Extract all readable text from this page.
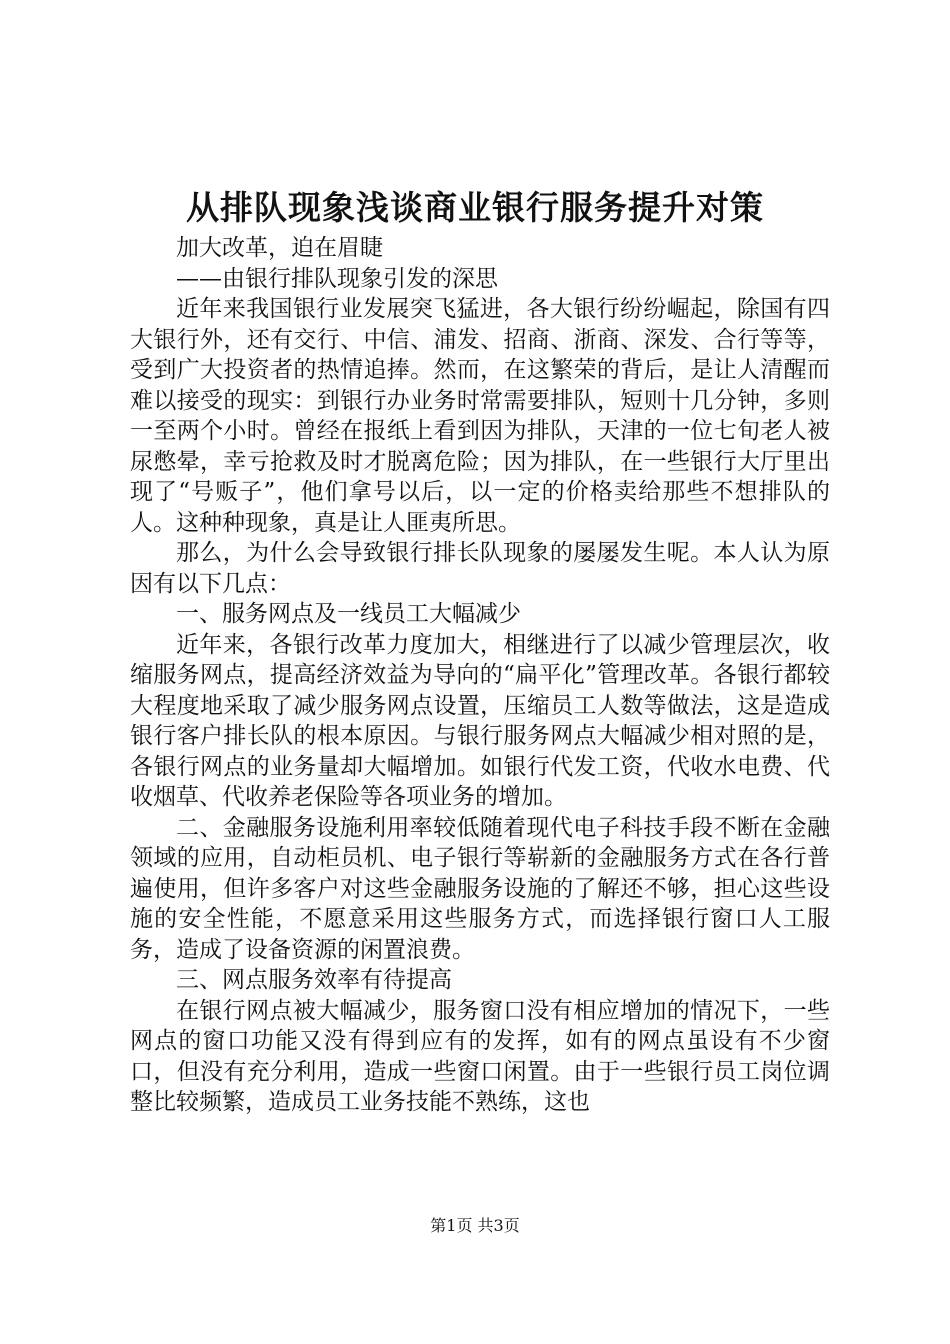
从排队现象浅谈商业银行服务提升对策

加大改革，迫在眉睫

——由银行排队现象引发的深思

近年来我国银行业发展突飞猛进，各大银行纷纷崛起，除国有四大银行外，还有交行、中信、浦发、招商、浙商、深发、合行等等，受到广大投资者的热情追捧。然而，在这繁荣的背后，是让人清醒而难以接受的现实：到银行办业务时常需要排队，短则十几分钟，多则一至两个小时。曾经在报纸上看到因为排队，天津的一位七旬老人被尿憋晕，幸亏抢救及时才脱离危险；因为排队，在一些银行大厅里出现了“号贩子”，他们拿号以后，以一定的价格卖给那些不想排队的人。这种种现象，真是让人匪夷所思。

那么，为什么会导致银行排长队现象的屡屡发生呢。本人认为原因有以下几点：

一、服务网点及一线员工大幅减少

近年来，各银行改革力度加大，相继进行了以减少管理层次，收缩服务网点，提高经济效益为导向的“扁平化”管理改革。各银行都较大程度地采取了减少服务网点设置，压缩员工人数等做法，这是造成银行客户排长队的根本原因。与银行服务网点大幅减少相对照的是，各银行网点的业务量却大幅增加。如银行代发工资，代收水电费、代收烟草、代收养老保险等各项业务的增加。

二、金融服务设施利用率较低随着现代电子科技手段不断在金融领域的应用，自动柜员机、电子银行等崭新的金融服务方式在各行普遍使用，但许多客户对这些金融服务设施的了解还不够，担心这些设施的安全性能，不愿意采用这些服务方式，而选择银行窗口人工服务，造成了设备资源的闲置浪费。

三、网点服务效率有待提高

在银行网点被大幅减少，服务窗口没有相应增加的情况下，一些网点的窗口功能又没有得到应有的发挥，如有的网点虽设有不少窗口，但没有充分利用，造成一些窗口闲置。由于一些银行员工岗位调整比较频繁，造成员工业务技能不熟练，这也

第1页 共3页
